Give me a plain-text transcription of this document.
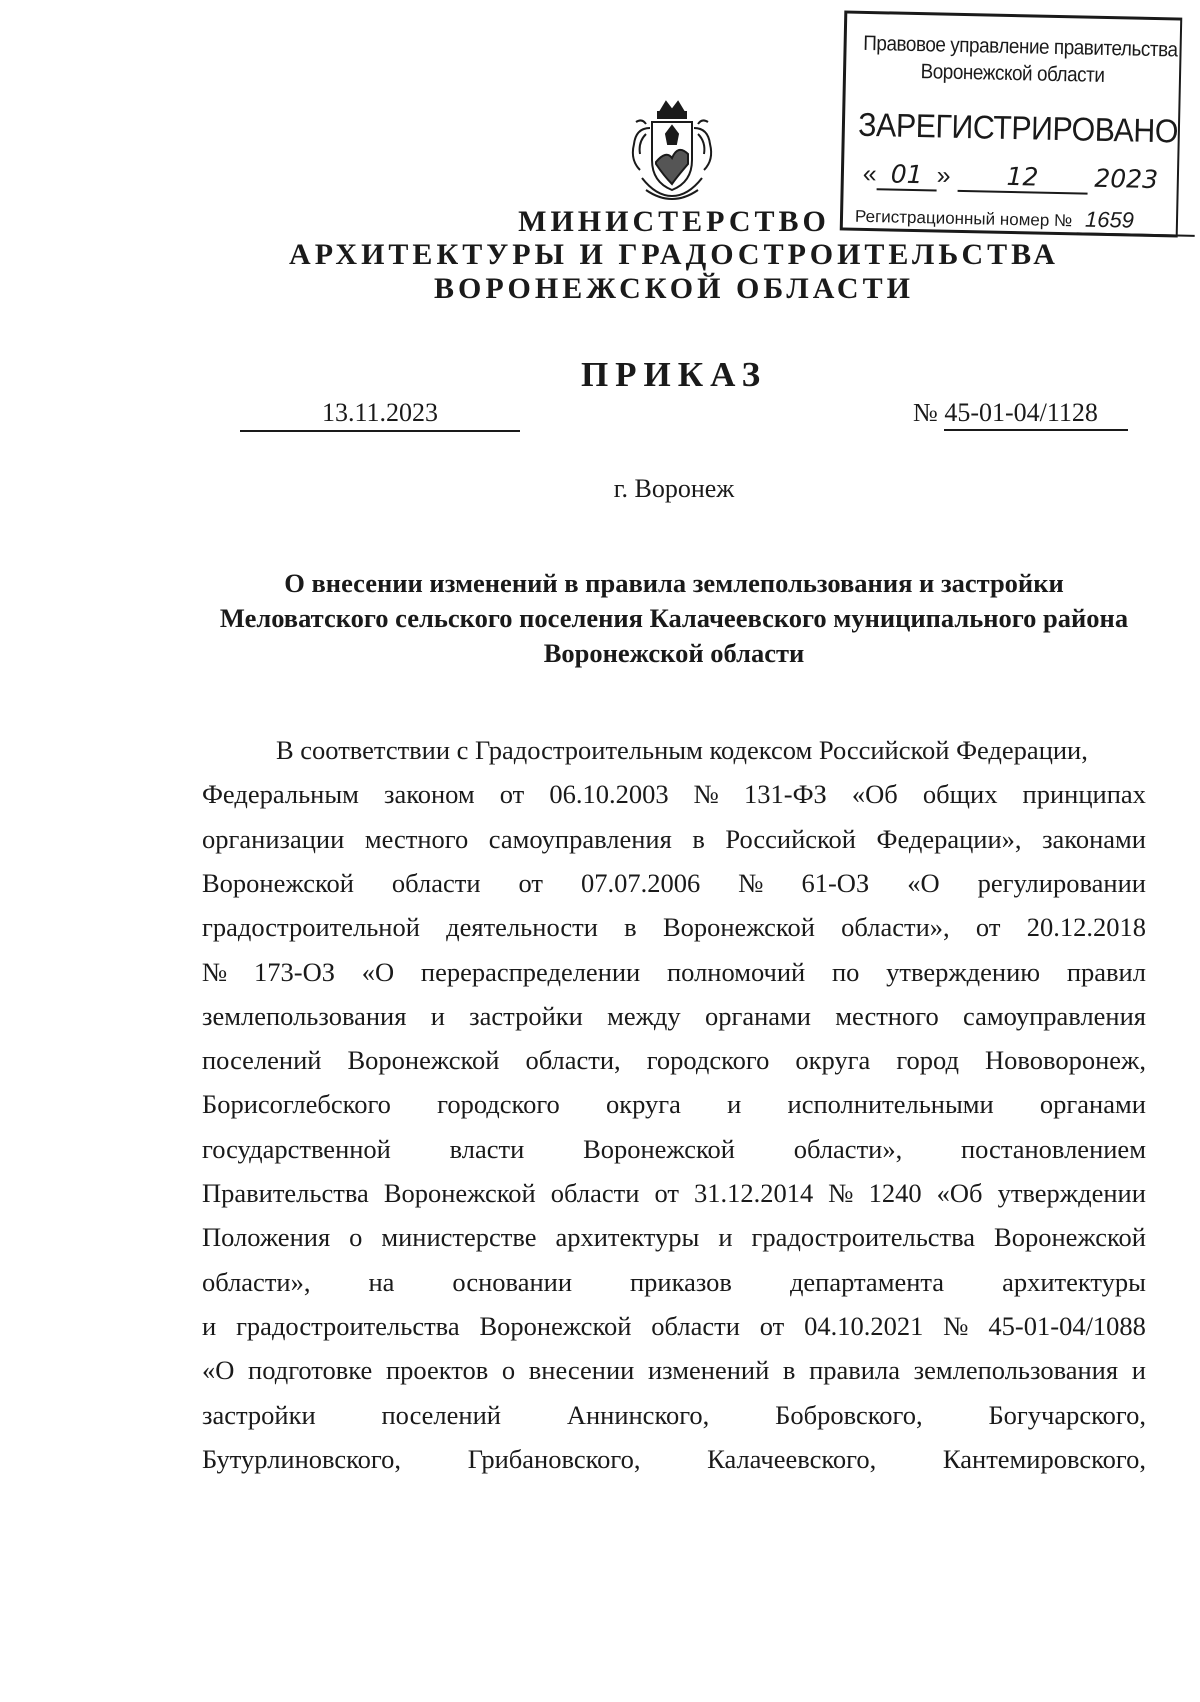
Правовое управление правительства
Воронежской области
ЗАРЕГИСТРИРОВАНО
« 01 » 12 2023
Регистрационный номер № 1659
МИНИСТЕРСТВО
АРХИТЕКТУРЫ И ГРАДОСТРОИТЕЛЬСТВА
ВОРОНЕЖСКОЙ ОБЛАСТИ
ПРИКАЗ
13.11.2023	№ 45-01-04/1128
г. Воронеж
О внесении изменений в правила землепользования и застройки Меловатского сельского поселения Калачеевского муниципального района Воронежской области
В соответствии с Градостроительным кодексом Российской Федерации,
Федеральным законом от 06.10.2003 № 131-ФЗ «Об общих принципах
организации местного самоуправления в Российской Федерации», законами
Воронежской области от 07.07.2006 № 61-ОЗ «О регулировании
градостроительной деятельности в Воронежской области», от 20.12.2018
№ 173-ОЗ «О перераспределении полномочий по утверждению правил
землепользования и застройки между органами местного самоуправления
поселений Воронежской области, городского округа город Нововоронеж,
Борисоглебского городского округа и исполнительными органами
государственной власти Воронежской области», постановлением
Правительства Воронежской области от 31.12.2014 № 1240 «Об утверждении
Положения о министерстве архитектуры и градостроительства Воронежской
области», на основании приказов департамента архитектуры
и градостроительства Воронежской области от 04.10.2021 № 45-01-04/1088
«О подготовке проектов о внесении изменений в правила землепользования и
застройки поселений Аннинского, Бобровского, Богучарского,
Бутурлиновского,	Грибановского,	Калачеевского,	Кантемировского,
